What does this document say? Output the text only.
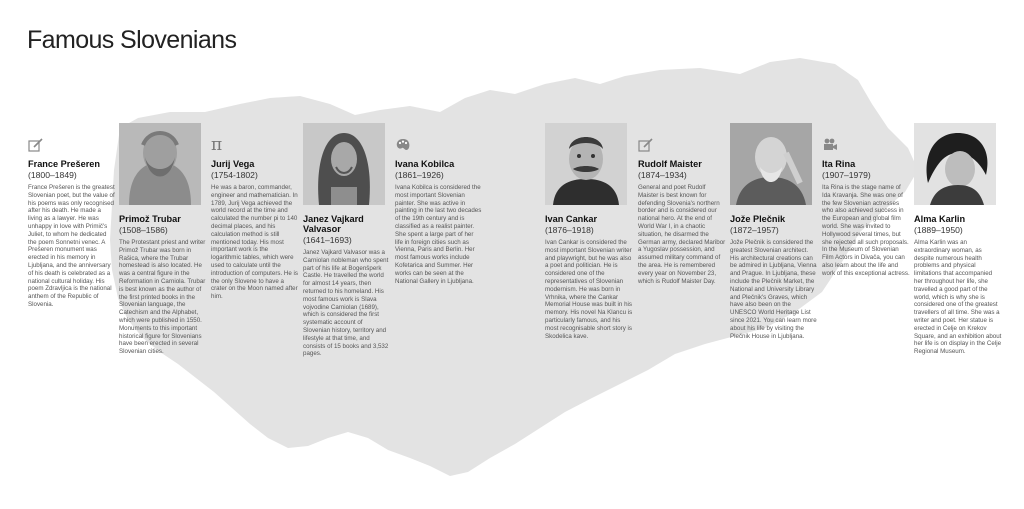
Famous Slovenians
France Prešeren
(1800–1849)
France Prešeren is the greatest Slovenian poet, but the value of his poems was only recognised after his death. He made a living as a lawyer. He was unhappy in love with Primič's Juliet, to whom he dedicated the poem Sonnetni venec. A Prešeren monument was erected in his memory in Ljubljana, and the anniversary of his death is celebrated as a national cultural holiday. His poem Zdravljica is the national anthem of the Republic of Slovenia.
Primož Trubar
(1508–1586)
The Protestant priest and writer Primož Trubar was born in Rašica, where the Trubar homestead is also located. He was a central figure in the Reformation in Carniola. Trubar is best known as the author of the first printed books in the Slovenian language, the Catechism and the Alphabet, which were published in 1550. Monuments to this important historical figure for Slovenians have been erected in several Slovenian cities.
π
Jurij Vega
(1754-1802)
He was a baron, commander, engineer and mathematician. In 1789, Jurij Vega achieved the world record at the time and calculated the number pi to 140 decimal places, and his calculation method is still mentioned today. His most important work is the logarithmic tables, which were used to calculate until the introduction of computers. He is the only Slovene to have a crater on the Moon named after him.
Janez Vajkard Valvasor
(1641–1693)
Janez Vajkard Valvasor was a Carniolan nobleman who spent part of his life at Bogenšperk Castle. He travelled the world for almost 14 years, then returned to his homeland. His most famous work is Slava vojvodine Carniolan (1689), which is considered the first systematic account of Slovenian history, territory and lifestyle at that time, and consists of 15 books and 3,532 pages.
Ivana Kobilca
(1861–1926)
Ivana Kobilca is considered the most important Slovenian painter. She was active in painting in the last two decades of the 19th century and is classified as a realist painter. She spent a large part of her life in foreign cities such as Vienna, Paris and Berlin. Her most famous works include Kofetarica and Summer. Her works can be seen at the National Gallery in Ljubljana.
Ivan Cankar
(1876–1918)
Ivan Cankar is considered the most important Slovenian writer and playwright, but he was also a poet and politician. He is considered one of the representatives of Slovenian modernism. He was born in Vrhnika, where the Cankar Memorial House was built in his memory. His novel Na Klancu is particularly famous, and his most recognisable short story is Skodelica kave.
Rudolf Maister
(1874–1934)
General and poet Rudolf Maister is best known for defending Slovenia's northern border and is considered our national hero. At the end of World War I, in a chaotic situation, he disarmed the German army, declared Maribor a Yugoslav possession, and assumed military command of the area. He is remembered every year on November 23, which is Rudolf Maister Day.
Jože Plečnik
(1872–1957)
Jože Plečnik is considered the greatest Slovenian architect. His architectural creations can be admired in Ljubljana, Vienna and Prague. In Ljubljana, these include the Plečnik Market, the National and University Library and Plečnik's Graves, which have also been on the UNESCO World Heritage List since 2021. You can learn more about his life by visiting the Plečnik House in Ljubljana.
Ita Rina
(1907–1979)
Ita Rina is the stage name of Ida Kravanja. She was one of the few Slovenian actresses who also achieved success in the European and global film world. She was invited to Hollywood several times, but she rejected all such proposals. In the Museum of Slovenian Film Actors in Divača, you can also learn about the life and work of this exceptional actress.
Alma Karlin
(1889–1950)
Alma Karlin was an extraordinary woman, as despite numerous health problems and physical limitations that accompanied her throughout her life, she travelled a good part of the world, which is why she is considered one of the greatest travellers of all time. She was a writer and poet. Her statue is erected in Celje on Krekov Square, and an exhibition about her life is on display in the Celje Regional Museum.
